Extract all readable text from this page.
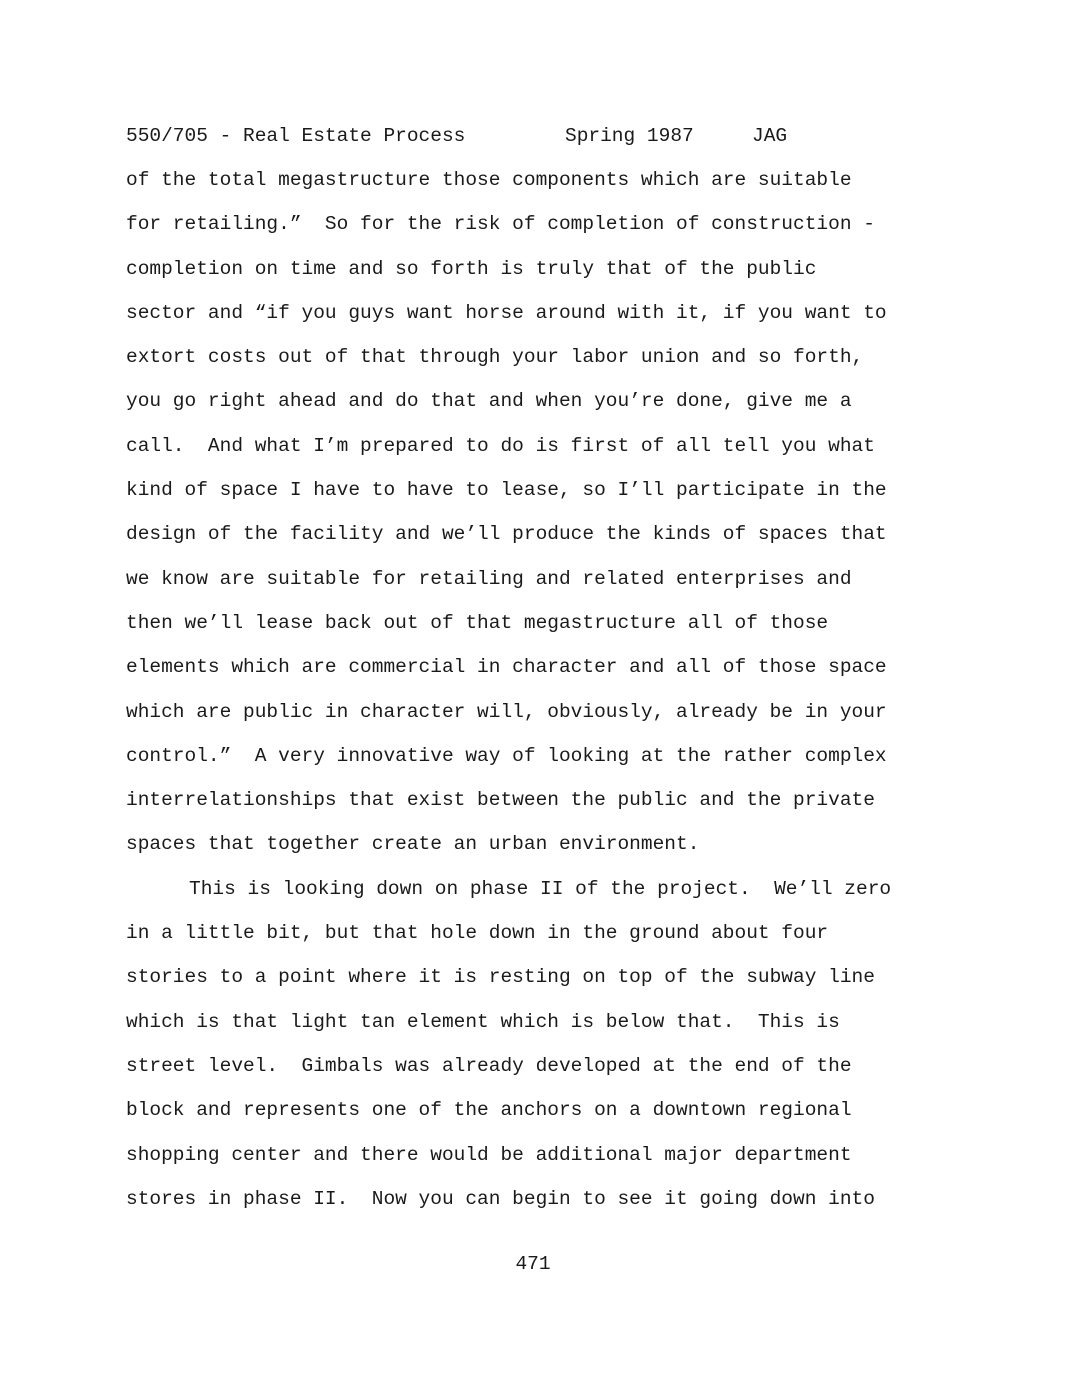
550/705 - Real Estate Process	Spring 1987	JAG
of the total megastructure those components which are suitable
for retailing.”  So for the risk of completion of construction -
completion on time and so forth is truly that of the public
sector and “if you guys want horse around with it, if you want to
extort costs out of that through your labor union and so forth,
you go right ahead and do that and when you’re done, give me a
call.  And what I’m prepared to do is first of all tell you what
kind of space I have to have to lease, so I’ll participate in the
design of the facility and we’ll produce the kinds of spaces that
we know are suitable for retailing and related enterprises and
then we’ll lease back out of that megastructure all of those
elements which are commercial in character and all of those space
which are public in character will, obviously, already be in your
control.”  A very innovative way of looking at the rather complex
interrelationships that exist between the public and the private
spaces that together create an urban environment.
This is looking down on phase II of the project.  We’ll zero
in a little bit, but that hole down in the ground about four
stories to a point where it is resting on top of the subway line
which is that light tan element which is below that.  This is
street level.  Gimbals was already developed at the end of the
block and represents one of the anchors on a downtown regional
shopping center and there would be additional major department
stores in phase II.  Now you can begin to see it going down into
471
